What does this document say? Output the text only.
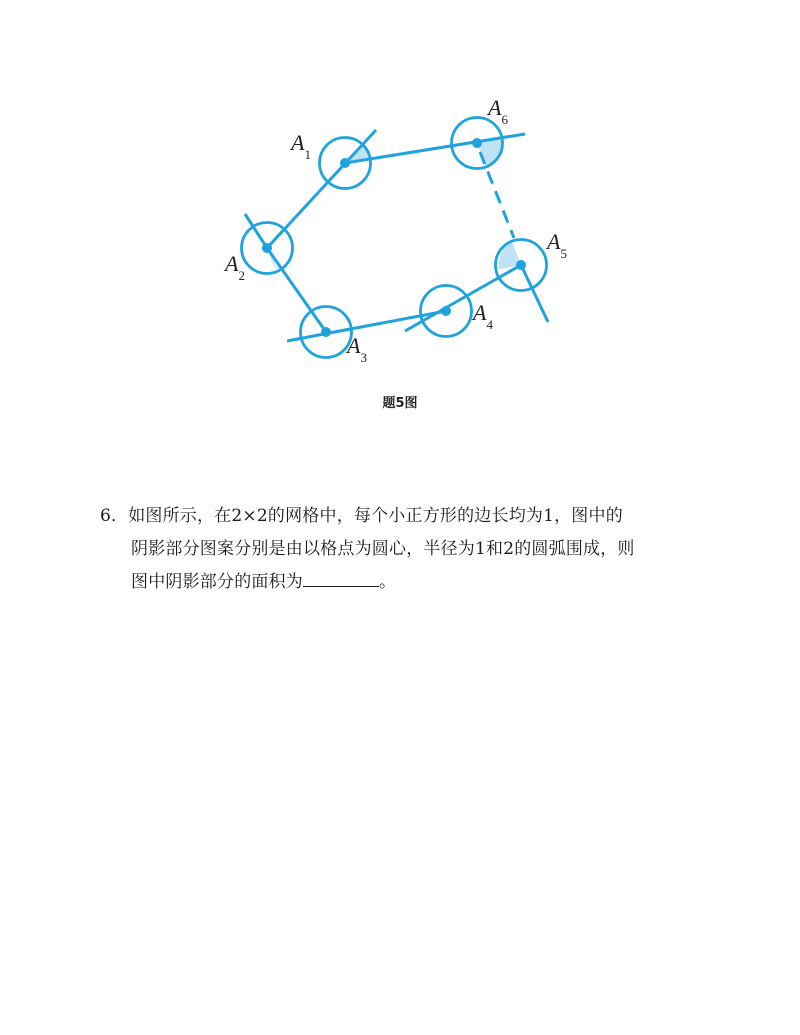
$A_1$
$A_2$
$A_3$
$A_4$
$A_5$
$A_6$
题5图
6．如图所示，在2×2的网格中，每个小正方形的边长均为1，图中的
阴影部分图案分别是由以格点为圆心，半径为1和2的圆弧围成，则
图中阴影部分的面积为	。
